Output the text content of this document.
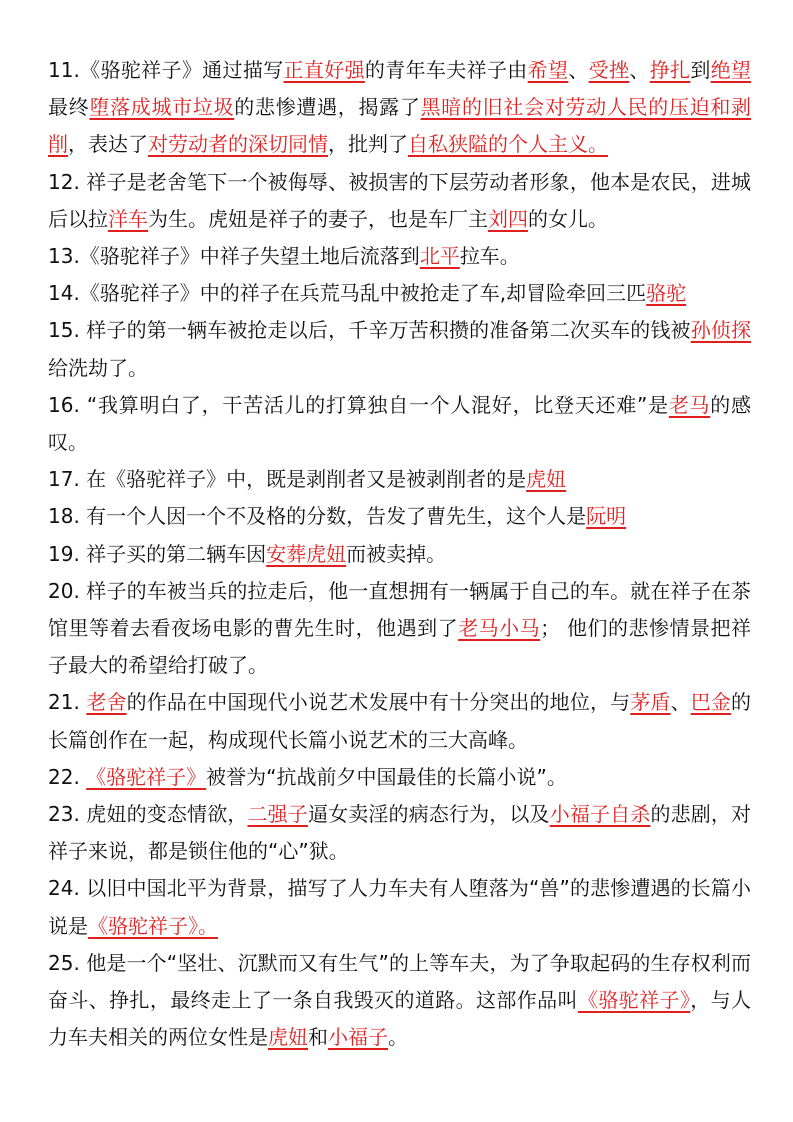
11.《骆驼祥子》通过描写正直好强的青年车夫祥子由希望、受挫、挣扎到绝望最终堕落成城市垃圾的悲惨遭遇，揭露了黑暗的旧社会对劳动人民的压迫和剥削，表达了对劳动者的深切同情，批判了自私狭隘的个人主义。

12. 祥子是老舍笔下一个被侮辱、被损害的下层劳动者形象，他本是农民，进城后以拉洋车为生。虎妞是祥子的妻子，也是车厂主刘四的女儿。

13.《骆驼祥子》中祥子失望土地后流落到北平拉车。

14.《骆驼祥子》中的祥子在兵荒马乱中被抢走了车,却冒险牵回三匹骆驼

15. 样子的第一辆车被抢走以后，千辛万苦积攒的准备第二次买车的钱被孙侦探给洗劫了。

16. “我算明白了，干苦活儿的打算独自一个人混好，比登天还难”是老马的感叹。

17. 在《骆驼祥子》中，既是剥削者又是被剥削者的是虎妞

18. 有一个人因一个不及格的分数，告发了曹先生，这个人是阮明

19. 祥子买的第二辆车因安葬虎妞而被卖掉。

20. 样子的车被当兵的拉走后，他一直想拥有一辆属于自己的车。就在祥子在茶馆里等着去看夜场电影的曹先生时，他遇到了老马小马； 他们的悲惨情景把祥子最大的希望给打破了。

21. 老舍的作品在中国现代小说艺术发展中有十分突出的地位，与茅盾、巴金的长篇创作在一起，构成现代长篇小说艺术的三大高峰。

22. 《骆驼祥子》被誉为“抗战前夕中国最佳的长篇小说”。

23. 虎妞的变态情欲，二强子逼女卖淫的病态行为，以及小福子自杀的悲剧，对祥子来说，都是锁住他的“心”狱。

24. 以旧中国北平为背景，描写了人力车夫有人堕落为“兽”的悲惨遭遇的长篇小说是《骆驼祥子》。

25. 他是一个“坚壮、沉默而又有生气”的上等车夫，为了争取起码的生存权利而奋斗、挣扎，最终走上了一条自我毁灭的道路。这部作品叫《骆驼祥子》，与人力车夫相关的两位女性是虎妞和小福子。
